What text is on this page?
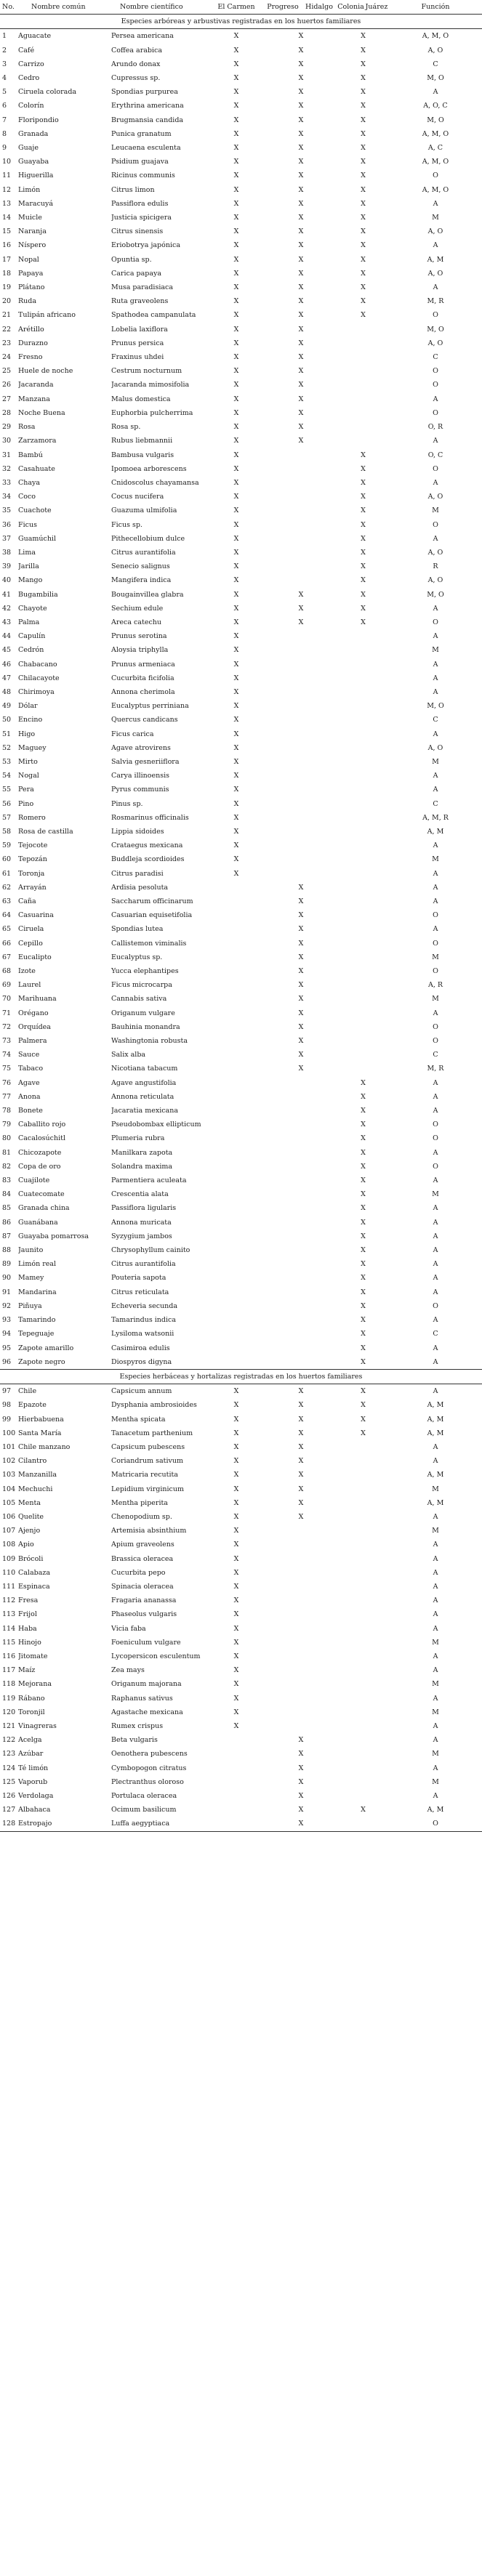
No.	Nombre común	Nombre científico	El Carmen	Progreso	Hidalgo	Colonia	Juárez	Función
Especies arbóreas y arbustivas registradas en los huertos familiares								
1	Aguacate	Persea americana	X	X		X		A, M, O
2	Café	Coffea arabica	X	X		X		A, O
3	Carrizo	Arundo donax	X	X		X		C
4	Cedro	Cupressus sp.	X	X		X		M, O
5	Ciruela colorada	Spondias purpurea	X	X		X		A
6	Colorín	Erythrina americana	X	X		X		A, O, C
7	Floripondio	Brugmansia candida	X	X		X		M, O
8	Granada	Punica granatum	X	X		X		A, M, O
9	Guaje	Leucaena esculenta	X	X		X		A, C
10	Guayaba	Psidium guajava	X	X		X		A, M, O
11	Higuerilla	Ricinus communis	X	X		X		O
12	Limón	Citrus limon	X	X		X		A, M, O
13	Maracuyá	Passiflora edulis	X	X		X		A
14	Muicle	Justicia spicigera	X	X		X		M
15	Naranja	Citrus sinensis	X	X		X		A, O
16	Níspero	Eriobotrya japónica	X	X		X		A
17	Nopal	Opuntia sp.	X	X		X		A, M
18	Papaya	Carica papaya	X	X		X		A, O
19	Plátano	Musa paradisiaca	X	X		X		A
20	Ruda	Ruta graveolens	X	X		X		M, R
21	Tulipán africano	Spathodea campanulata	X	X		X		O
22	Arétillo	Lobelia laxiflora	X	X				M, O
23	Durazno	Prunus persica	X	X				A, O
24	Fresno	Fraxinus uhdei	X	X				C
25	Huele de noche	Cestrum nocturnum	X	X				O
26	Jacaranda	Jacaranda mimosifolia	X	X				O
27	Manzana	Malus domestica	X	X				A
28	Noche Buena	Euphorbia pulcherrima	X	X				O
29	Rosa	Rosa sp.	X	X				O, R
30	Zarzamora	Rubus liebmannii	X	X				A
31	Bambú	Bambusa vulgaris	X			X		O, C
32	Casahuate	Ipomoea arborescens	X			X		O
33	Chaya	Cnidoscolus chayamansa	X			X		A
34	Coco	Cocus nucifera	X			X		A, O
35	Cuachote	Guazuma ulmifolia	X			X		M
36	Ficus	Ficus sp.	X			X		O
37	Guamúchil	Pithecellobium dulce	X			X		A
38	Lima	Citrus aurantifolia	X			X		A, O
39	Jarilla	Senecio salignus	X			X		R
40	Mango	Mangifera indica	X			X		A, O
41	Bugambilia	Bougainvillea glabra	X	X		X		M, O
42	Chayote	Sechium edule	X	X		X		A
43	Palma	Areca catechu	X	X		X		O
44	Capulín	Prunus serotina	X					A
45	Cedrón	Aloysia triphylla	X					M
46	Chabacano	Prunus armeniaca	X					A
47	Chilacayote	Cucurbita ficifolia	X					A
48	Chirimoya	Annona cherimola	X					A
49	Dólar	Eucalyptus perriniana	X					M, O
50	Encino	Quercus candicans	X					C
51	Higo	Ficus carica	X					A
52	Maguey	Agave atrovirens	X					A, O
53	Mirto	Salvia gesneriiflora	X					M
54	Nogal	Carya illinoensis	X					A
55	Pera	Pyrus communis	X					A
56	Pino	Pinus sp.	X					C
57	Romero	Rosmarinus officinalis	X					A, M, R
58	Rosa de castilla	Lippia sidoides	X					A, M
59	Tejocote	Crataegus mexicana	X					A
60	Tepozán	Buddleja scordioides	X					M
61	Toronja	Citrus paradisi	X					A
62	Arrayán	Ardisia pesoluta		X				A
63	Caña	Saccharum officinarum		X				A
64	Casuarina	Casuarian equisetifolia		X				O
65	Ciruela	Spondias lutea		X				A
66	Cepillo	Callistemon viminalis		X				O
67	Eucalipto	Eucalyptus sp.		X				M
68	Izote	Yucca elephantipes		X				O
69	Laurel	Ficus microcarpa		X				A, R
70	Marihuana	Cannabis sativa		X				M
71	Orégano	Origanum vulgare		X				A
72	Orquídea	Bauhinia monandra		X				O
73	Palmera	Washingtonia robusta		X				O
74	Sauce	Salix alba		X				C
75	Tabaco	Nicotiana tabacum		X				M, R
76	Agave	Agave angustifolia				X		A
77	Anona	Annona reticulata				X		A
78	Bonete	Jacaratia mexicana				X		A
79	Caballito rojo	Pseudobombax ellipticum				X		O
80	Cacalosúchitl	Plumeria rubra				X		O
81	Chicozapote	Manilkara zapota				X		A
82	Copa de oro	Solandra maxima				X		O
83	Cuajilote	Parmentiera aculeata				X		A
84	Cuatecomate	Crescentia alata				X		M
85	Granada china	Passiflora ligularis				X		A
86	Guanábana	Annona muricata				X		A
87	Guayaba pomarrosa	Syzygium jambos				X		A
88	Jaunito	Chrysophyllum cainito				X		A
89	Limón real	Citrus aurantifolia				X		A
90	Mamey	Pouteria sapota				X		A
91	Mandarina	Citrus reticulata				X		A
92	Piñuya	Echeveria secunda				X		O
93	Tamarindo	Tamarindus indica				X		A
94	Tepeguaje	Lysiloma watsonii				X		C
95	Zapote amarillo	Casimiroa edulis				X		A
96	Zapote negro	Diospyros digyna				X		A
Especies herbáceas y hortalizas registradas en los huertos familiares								
97	Chile	Capsicum annum	X	X		X		A
98	Epazote	Dysphania ambrosioides	X	X		X		A, M
99	Hierbabuena	Mentha spicata	X	X		X		A, M
100	Santa María	Tanacetum parthenium	X	X		X		A, M
101	Chile manzano	Capsicum pubescens	X	X				A
102	Cilantro	Coriandrum sativum	X	X				A
103	Manzanilla	Matricaria recutita	X	X				A, M
104	Mechuchi	Lepidium virginicum	X	X				M
105	Menta	Mentha piperita	X	X				A, M
106	Quelite	Chenopodium sp.	X	X				A
107	Ajenjo	Artemisia absinthium	X					M
108	Apio	Apium graveolens	X					A
109	Brócoli	Brassica oleracea	X					A
110	Calabaza	Cucurbita pepo	X					A
111	Espinaca	Spinacia oleracea	X					A
112	Fresa	Fragaria ananassa	X					A
113	Frijol	Phaseolus vulgaris	X					A
114	Haba	Vicia faba	X					A
115	Hinojo	Foeniculum vulgare	X					M
116	Jitomate	Lycopersicon esculentum	X					A
117	Maíz	Zea mays	X					A
118	Mejorana	Origanum majorana	X					M
119	Rábano	Raphanus sativus	X					A
120	Toronjil	Agastache mexicana	X					M
121	Vinagreras	Rumex crispus	X					A
122	Acelga	Beta vulgaris		X				A
123	Azúbar	Oenothera pubescens		X				M
124	Té limón	Cymbopogon citratus		X				A
125	Vaporub	Plectranthus oloroso		X				M
126	Verdolaga	Portulaca oleracea		X				A
127	Albahaca	Ocimum basilicum		X		X		A, M
128	Estropajo	Luffa aegyptiaca		X				O
